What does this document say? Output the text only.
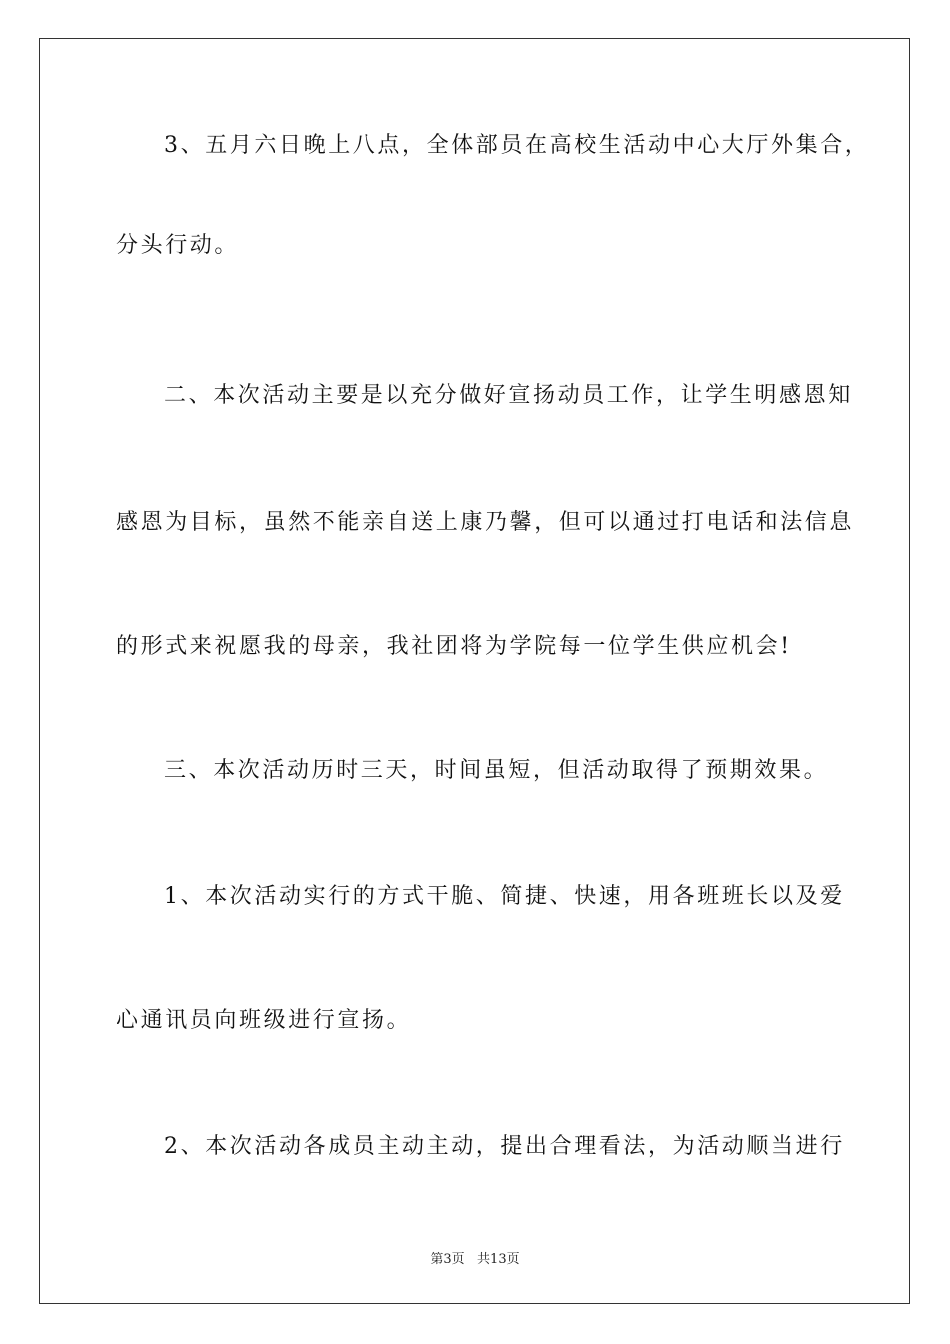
3、五月六日晚上八点，全体部员在高校生活动中心大厅外集合，

分头行动。

二、本次活动主要是以充分做好宣扬动员工作，让学生明感恩知

感恩为目标，虽然不能亲自送上康乃馨，但可以通过打电话和法信息

的形式来祝愿我的母亲，我社团将为学院每一位学生供应机会!

三、本次活动历时三天，时间虽短，但活动取得了预期效果。

1、本次活动实行的方式干脆、简捷、快速，用各班班长以及爱

心通讯员向班级进行宣扬。

2、本次活动各成员主动主动，提出合理看法，为活动顺当进行

第3页   共13页
